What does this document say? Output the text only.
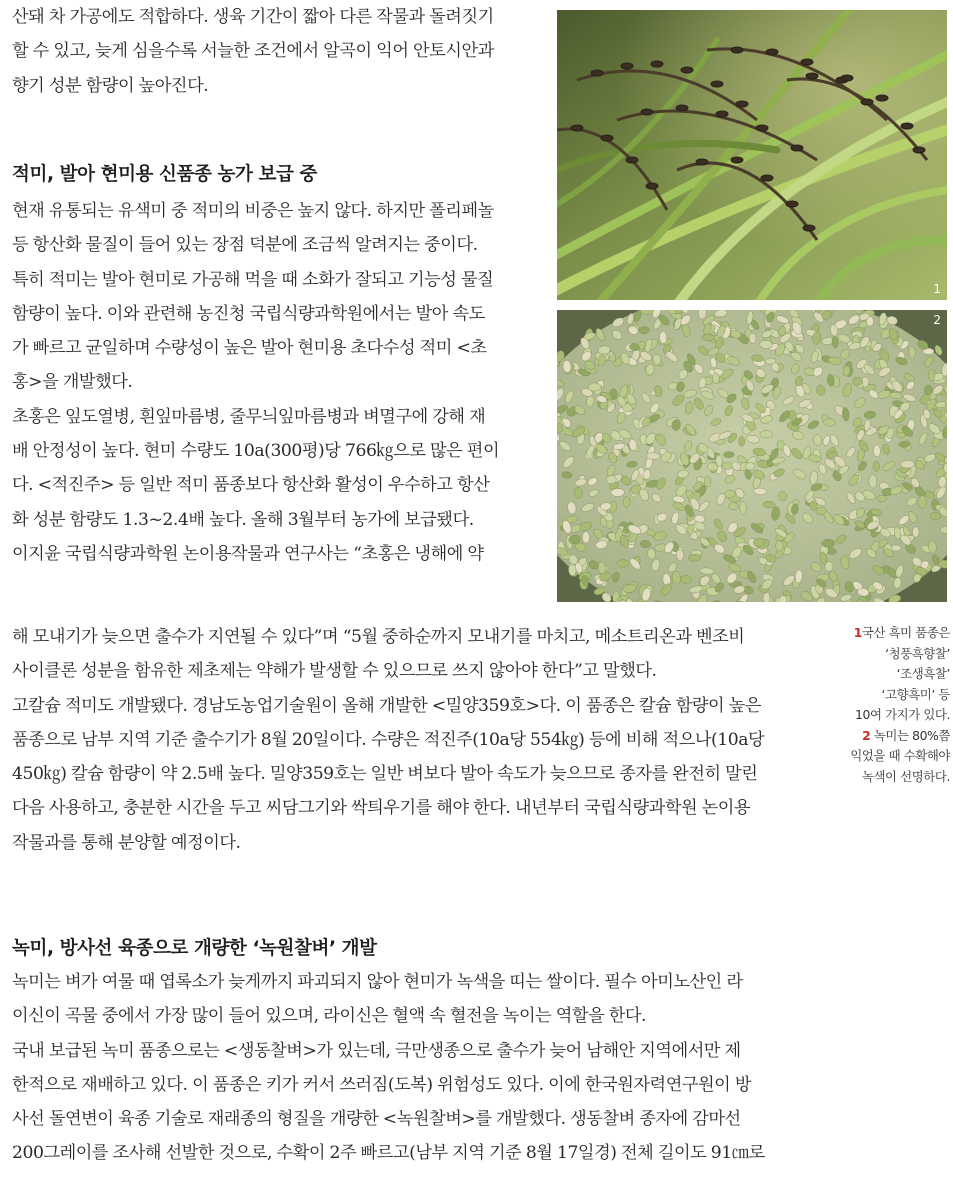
산돼 차 가공에도 적합하다. 생육 기간이 짧아 다른 작물과 돌려짓기
할 수 있고, 늦게 심을수록 서늘한 조건에서 알곡이 익어 안토시안과
향기 성분 함량이 높아진다.
적미, 발아 현미용 신품종 농가 보급 중
현재 유통되는 유색미 중 적미의 비중은 높지 않다. 하지만 폴리페놀
등 항산화 물질이 들어 있는 장점 덕분에 조금씩 알려지는 중이다.
특히 적미는 발아 현미로 가공해 먹을 때 소화가 잘되고 기능성 물질
함량이 높다. 이와 관련해 농진청 국립식량과학원에서는 발아 속도
가 빠르고 균일하며 수량성이 높은 발아 현미용 초다수성 적미 <초
홍>을 개발했다.
초홍은 잎도열병, 흰잎마름병, 줄무늬잎마름병과 벼멸구에 강해 재
배 안정성이 높다. 현미 수량도 10a(300평)당 766㎏으로 많은 편이
다. <적진주> 등 일반 적미 품종보다 항산화 활성이 우수하고 항산
화 성분 함량도 1.3~2.4배 높다. 올해 3월부터 농가에 보급됐다.
이지윤 국립식량과학원 논이용작물과 연구사는 “초홍은 냉해에 약
해 모내기가 늦으면 출수가 지연될 수 있다”며 “5월 중하순까지 모내기를 마치고, 메소트리온과 벤조비
사이클론 성분을 함유한 제초제는 약해가 발생할 수 있으므로 쓰지 않아야 한다”고 말했다.
고칼슘 적미도 개발됐다. 경남도농업기술원이 올해 개발한 <밀양359호>다. 이 품종은 칼슘 함량이 높은
품종으로 남부 지역 기준 출수기가 8월 20일이다. 수량은 적진주(10a당 554㎏) 등에 비해 적으나(10a당
450㎏) 칼슘 함량이 약 2.5배 높다. 밀양359호는 일반 벼보다 발아 속도가 늦으므로 종자를 완전히 말린
다음 사용하고, 충분한 시간을 두고 씨담그기와 싹틔우기를 해야 한다. 내년부터 국립식량과학원 논이용
작물과를 통해 분양할 예정이다.
녹미, 방사선 육종으로 개량한 ‘녹원찰벼’ 개발
녹미는 벼가 여물 때 엽록소가 늦게까지 파괴되지 않아 현미가 녹색을 띠는 쌀이다. 필수 아미노산인 라
이신이 곡물 중에서 가장 많이 들어 있으며, 라이신은 혈액 속 혈전을 녹이는 역할을 한다.
국내 보급된 녹미 품종으로는 <생동찰벼>가 있는데, 극만생종으로 출수가 늦어 남해안 지역에서만 제
한적으로 재배하고 있다. 이 품종은 키가 커서 쓰러짐(도복) 위험성도 있다. 이에 한국원자력연구원이 방
사선 돌연변이 육종 기술로 재래종의 형질을 개량한 <녹원찰벼>를 개발했다. 생동찰벼 종자에 감마선
200그레이를 조사해 선발한 것으로, 수확이 2주 빠르고(남부 지역 기준 8월 17일경) 전체 길이도 91㎝로
1
2
1국산 흑미 품종은
‘청풍흑향찰’
‘조생흑찰’
‘고향흑미’ 등
10여 가지가 있다.
2 녹미는 80%쯤
익었을 때 수확해야
녹색이 선명하다.
